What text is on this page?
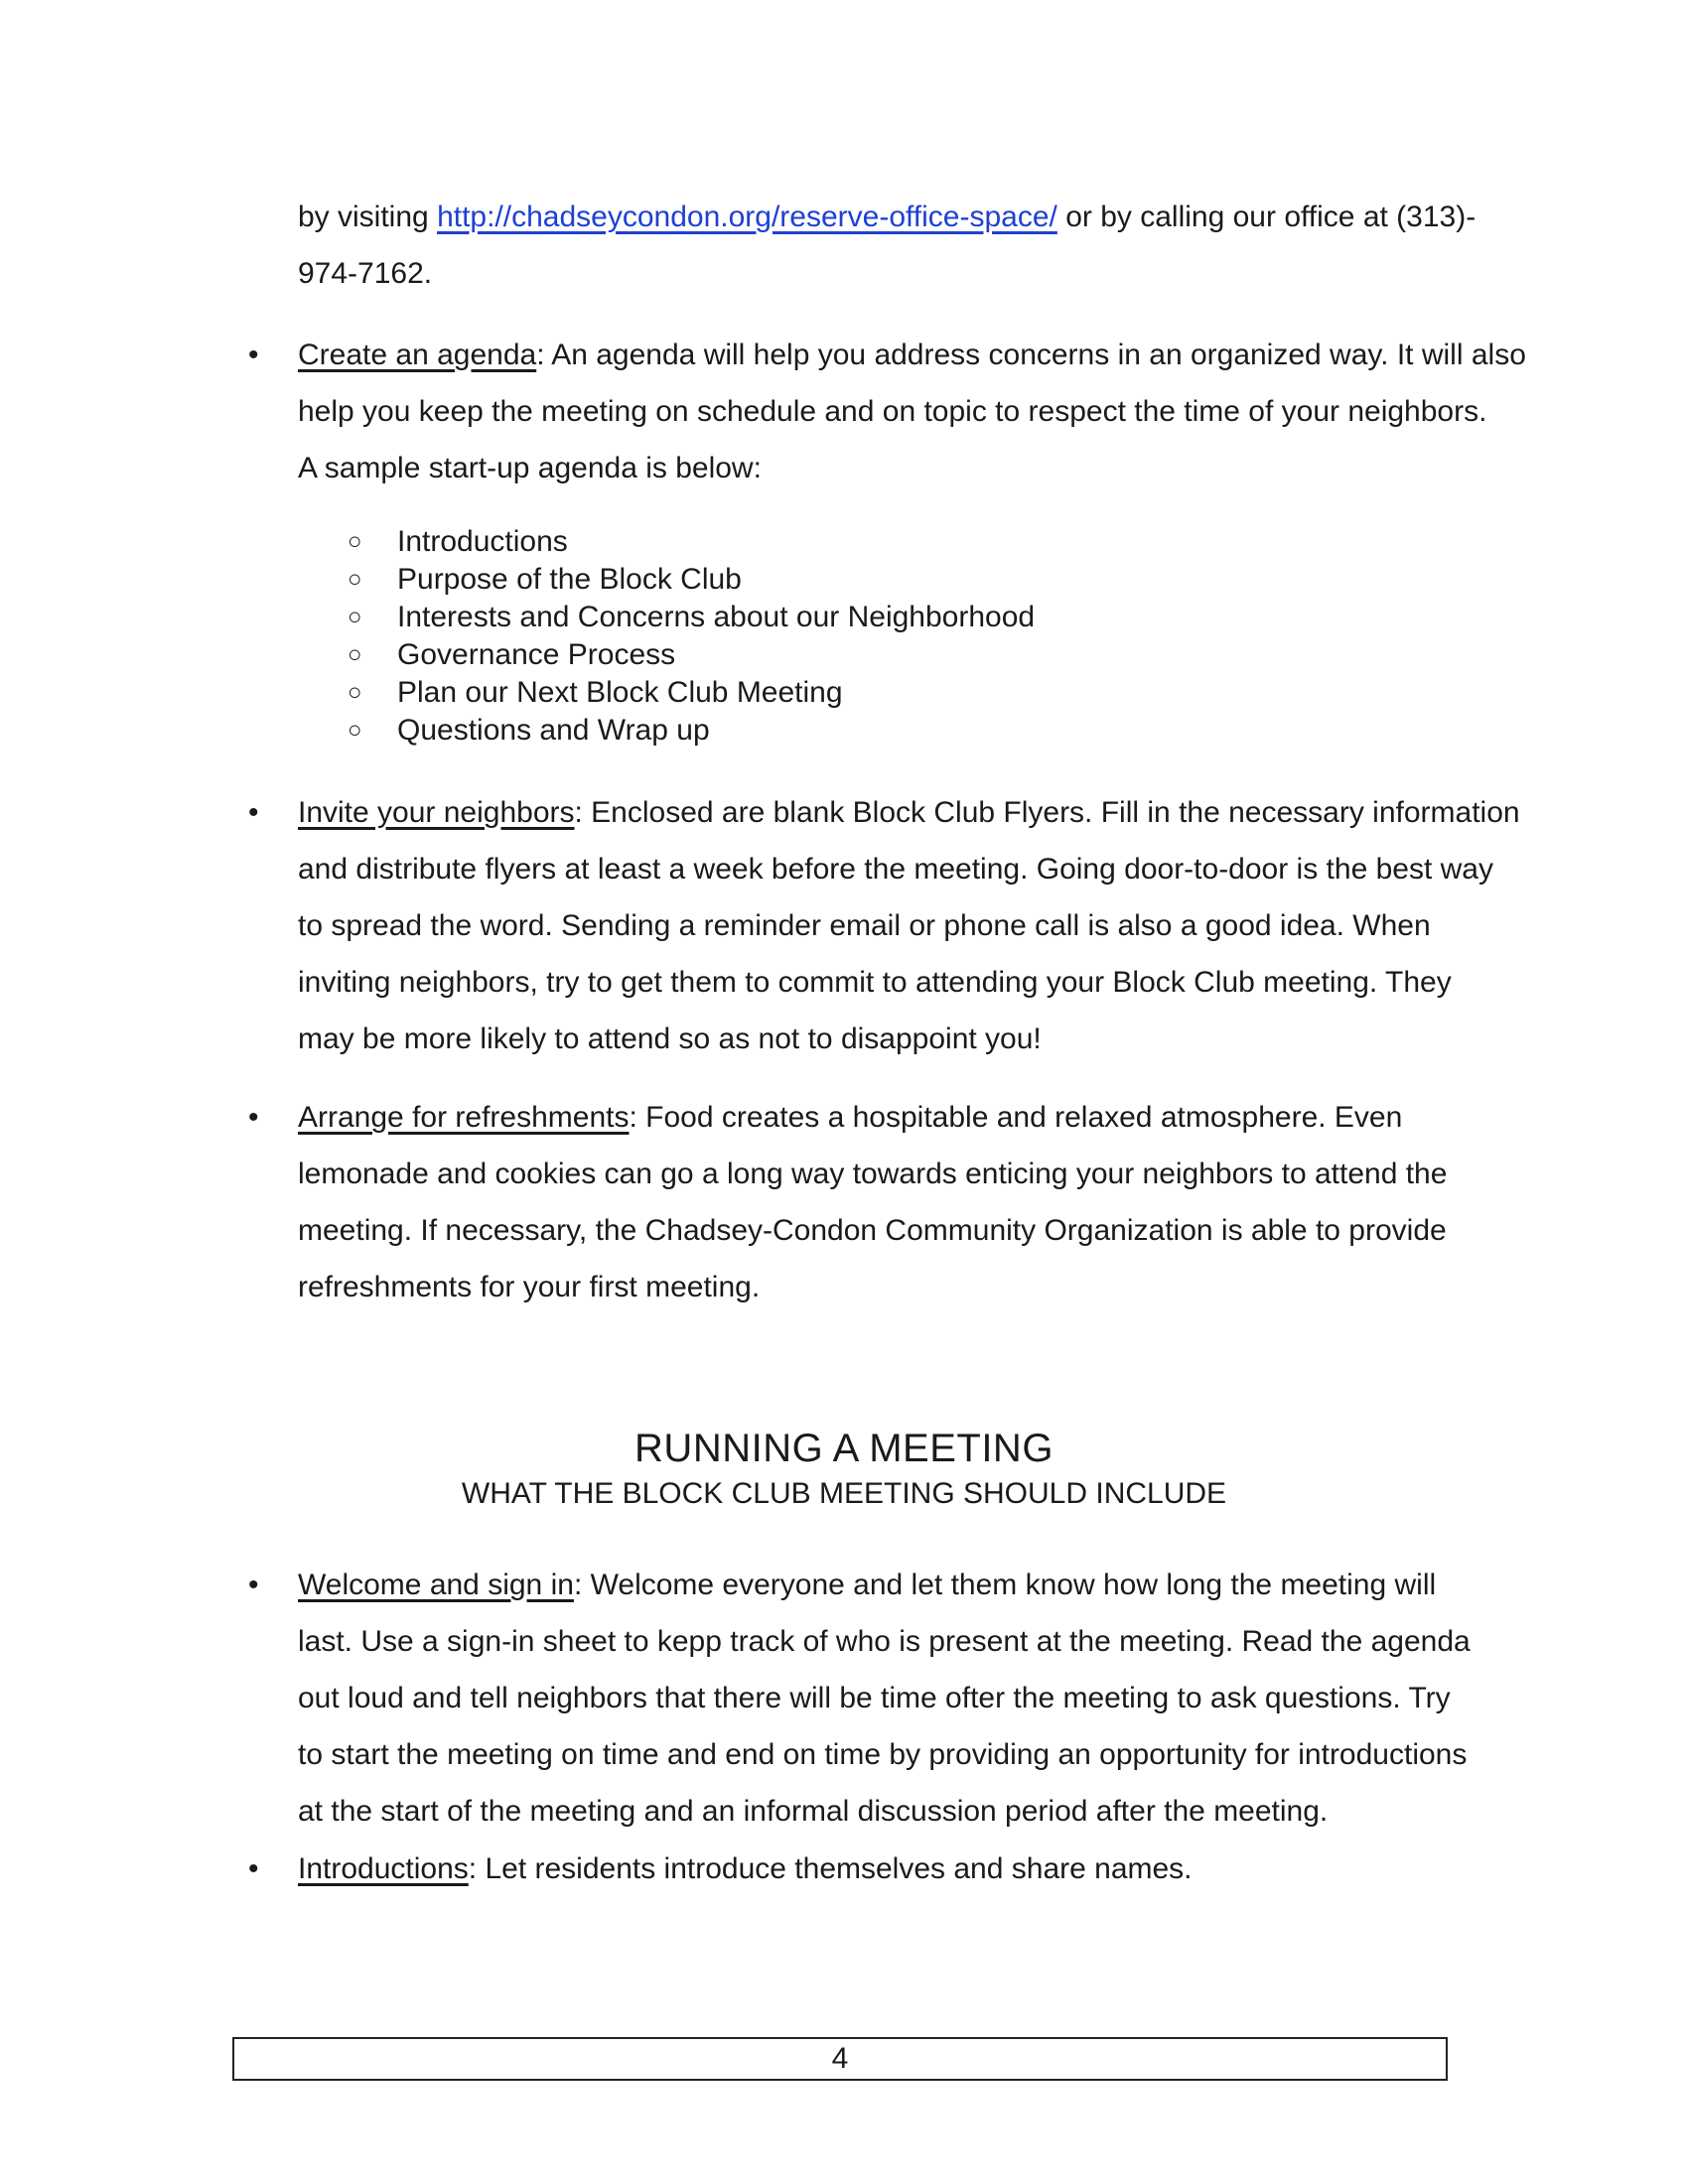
by visiting http://chadseycondon.org/reserve-office-space/ or by calling our office at (313)-
974-7162.

• Create an agenda: An agenda will help you address concerns in an organized way. It will also
help you keep the meeting on schedule and on topic to respect the time of your neighbors.
A sample start-up agenda is below:

○ Introductions
○ Purpose of the Block Club
○ Interests and Concerns about our Neighborhood
○ Governance Process
○ Plan our Next Block Club Meeting
○ Questions and Wrap up
• Invite your neighbors: Enclosed are blank Block Club Flyers. Fill in the necessary information
and distribute flyers at least a week before the meeting. Going door-to-door is the best way
to spread the word. Sending a reminder email or phone call is also a good idea. When
inviting neighbors, try to get them to commit to attending your Block Club meeting. They
may be more likely to attend so as not to disappoint you!

• Arrange for refreshments: Food creates a hospitable and relaxed atmosphere. Even
lemonade and cookies can go a long way towards enticing your neighbors to attend the
meeting. If necessary, the Chadsey-Condon Community Organization is able to provide
refreshments for your first meeting.

RUNNING A MEETING
WHAT THE BLOCK CLUB MEETING SHOULD INCLUDE
• Welcome and sign in: Welcome everyone and let them know how long the meeting will
last. Use a sign-in sheet to kepp track of who is present at the meeting. Read the agenda
out loud and tell neighbors that there will be time ofter the meeting to ask questions. Try
to start the meeting on time and end on time by providing an opportunity for introductions
at the start of the meeting and an informal discussion period after the meeting.

• Introductions: Let residents introduce themselves and share names.

4
